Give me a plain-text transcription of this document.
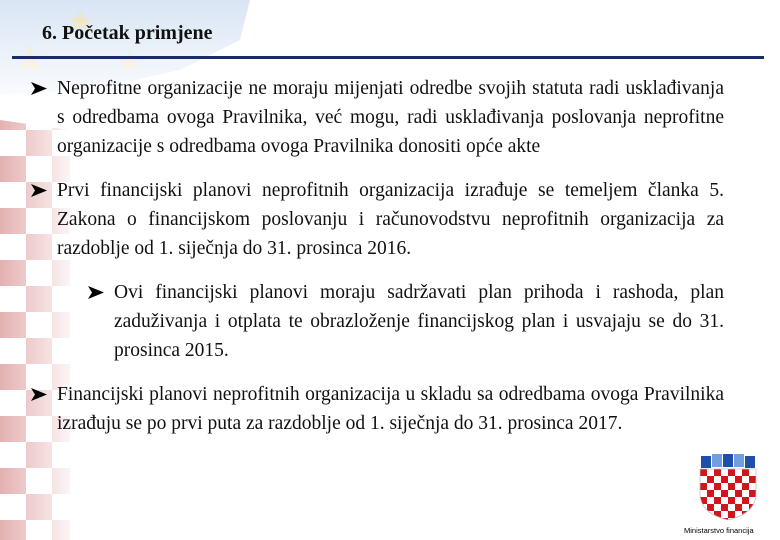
6. Početak primjene
Neprofitne organizacije ne moraju mijenjati odredbe svojih statuta radi usklađivanja s odredbama ovoga Pravilnika, već mogu, radi usklađivanja poslovanja neprofitne organizacije s odredbama ovoga Pravilnika donositi opće akte
Prvi financijski planovi neprofitnih organizacija izrađuje se temeljem članka 5. Zakona o financijskom poslovanju i računovodstvu neprofitnih organizacija za razdoblje od 1. siječnja do 31. prosinca 2016.
Ovi financijski planovi moraju sadržavati plan prihoda i rashoda, plan zaduživanja i otplata te obrazloženje financijskog plan i usvajaju se do 31. prosinca 2015.
Financijski planovi neprofitnih organizacija u skladu sa odredbama ovoga Pravilnika izrađuju se po prvi puta za razdoblje od 1. siječnja do 31. prosinca 2017.
Ministarstvo financija
